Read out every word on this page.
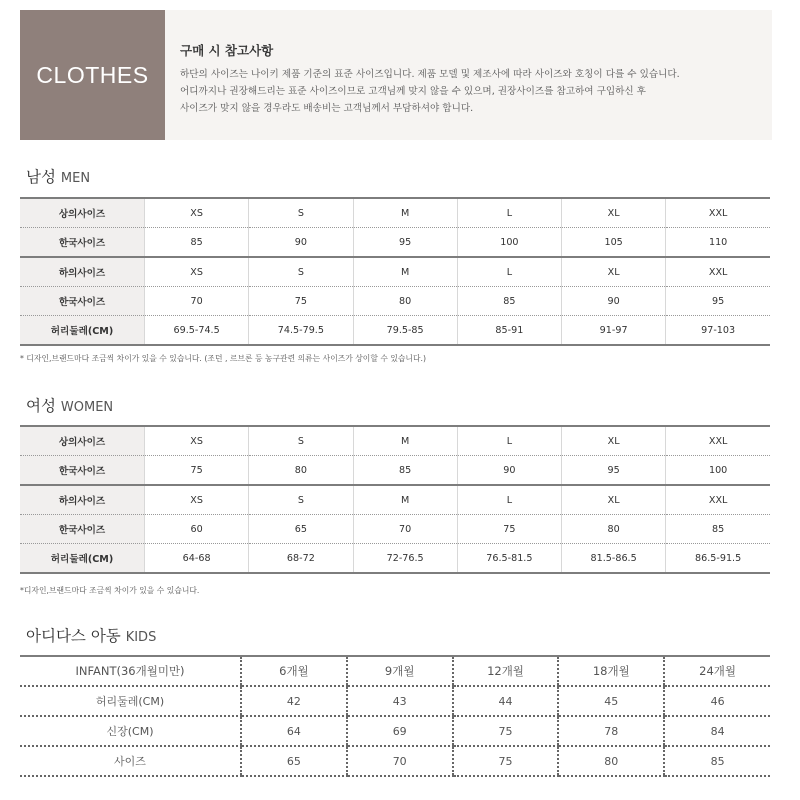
CLOTHES
구매 시 참고사항
하단의 사이즈는 나이키 제품 기준의 표준 사이즈입니다. 제품 모델 및 제조사에 따라 사이즈와 호칭이 다를 수 있습니다.
어디까지나 권장해드리는 표준 사이즈이므로 고객님께 맞지 않을 수 있으며, 권장사이즈를 참고하여 구입하신 후
사이즈가 맞지 않을 경우라도 배송비는 고객님께서 부담하셔야 합니다.
남성 MEN
상의사이즈	XS	S	M	L	XL	XXL
한국사이즈	85	90	95	100	105	110
하의사이즈	XS	S	M	L	XL	XXL
한국사이즈	70	75	80	85	90	95
허리둘레(CM)	69.5-74.5	74.5-79.5	79.5-85	85-91	91-97	97-103
* 디자인,브랜드마다 조금씩 차이가 있을 수 있습니다. (조던 , 르브론 등 농구관련 의류는 사이즈가 상이할 수 있습니다.)
여성 WOMEN
상의사이즈	XS	S	M	L	XL	XXL
한국사이즈	75	80	85	90	95	100
하의사이즈	XS	S	M	L	XL	XXL
한국사이즈	60	65	70	75	80	85
허리둘레(CM)	64-68	68-72	72-76.5	76.5-81.5	81.5-86.5	86.5-91.5
*디자인,브랜드마다 조금씩 차이가 있을 수 있습니다.
아디다스 아동 KIDS
INFANT(36개월미만)	6개월	9개월	12개월	18개월	24개월
허리둘레(CM)	42	43	44	45	46
신장(CM)	64	69	75	78	84
사이즈	65	70	75	80	85
